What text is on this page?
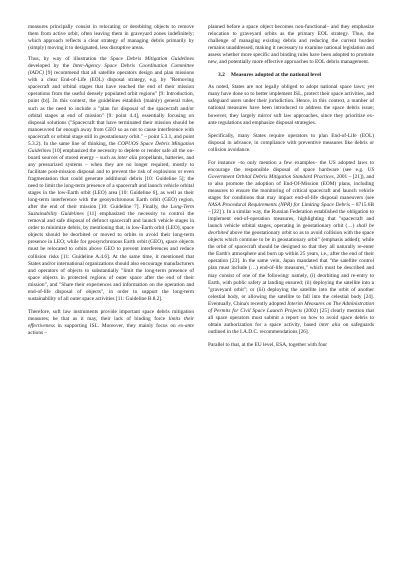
measures principally consist in relocating or deorbiting objects to remove them from active orbit, often leaving them in graveyard zones indefinitely; which approach reflects a clear strategy of managing debris primarily by (simply) moving it to designated, less disruptive areas.

Thus, by way of illustration the Space Debris Mitigation Guidelines developed by the Inter-Agency Space Debris Coordination Committee (IADC) [9] recommend that all satellite operators design and plan missions with a clear End-of-Life (EOL) disposal strategy, e.g. by "Removing spacecraft and orbital stages that have reached the end of their mission operations from the useful densely populated orbit regions" [9: Introduction, point (b)]. In this context, the guidelines establish (mainly) general rules, such as the need to include a "plan for disposal of the spacecraft and/or orbital stages at end of mission" [9: point 4.4], essentially focusing on disposal solutions ("Spacecraft that have terminated their mission should be manoeuvred far enough away from GEO so as not to cause interference with spacecraft or orbital stage still in geostationary orbit." – point 5.3.1, and point 5.3.2). In the same line of thinking, the COPUOS Space Debris Mitigation Guidelines [10] emphasized the necessity to deplete or render safe all the on-board sources of stored energy – such as inter alia propellants, batteries, and any pressurized systems – when they are no longer required, mostly to facilitate post-mission disposal and to prevent the risk of explosions or even fragmentation that could generate additional debris [10: Guideline 5]; the need to limit the long-term presence of a spacecraft and launch vehicle orbital stages in the low-Earth orbit (LEO) area [10: Guideline 6], as well as their long-term interference with the geosynchronous Earth orbit (GEO) region, after the end of their mission [10: Guideline 7]. Finally, the Long-Term Sustainability Guidelines [11] emphasized the necessity to control the removal and safe disposal of defunct spacecraft and launch vehicle stages in order to minimize debris, by mentioning that, in low-Earth orbit (LEO), space objects should be deorbited or moved to orbits to avoid their long-term presence in LEO; while for geosynchronous Earth orbit (GEO), space objects must be relocated to orbits above GEO to prevent interferences and reduce collision risks [11: Guideline A.4.6]. At the same time, it mentioned that States and/or international organizations should also encourage manufacturers and operators of objects to substantially "limit the long-term presence of space objects in protected regions of outer space after the end of their mission", and "Share their experiences and information on the operation and end-of-life disposal of objects", in order to support the long-term sustainability of all outer space activities [11: Guideline B.8.2].

Therefore, soft law instruments provide important space debris mitigation measures; be that as it may, their lack of binding force limits their effectiveness in supporting ISL. Moreover, they mainly focus on ex-ante actions –

planned before a space object becomes non-functional– and they emphasize relocation to graveyard orbits as the primary EOL strategy. Thus, the challenge of managing existing debris and reducing the current burden remains unaddressed, making it necessary to examine national legislation and assess whether more specific and binding rules have been adopted to promote new, and potentially more effective approaches to EOL debris management.

3.2 Measures adopted at the national level

As noted, States are not legally obliged to adopt national space laws; yet many have done so to better implement ISL, protect their space activities, and safeguard users under their jurisdiction. Hence, in this context, a number of national measures have been introduced to address the space debris issue; however, they largely mirror soft law approaches, since they prioritize ex-ante regulations and emphasize disposal strategies.

Specifically, many States require operators to plan End-of-Life (EOL) disposal in advance, in compliance with preventive measures like debris or collision avoidance.

For instance –to only mention a few examples– the US adopted laws to encourage the responsible disposal of space hardware (see e.g. US Government Orbital Debris Mitigation Standard Practices, 2001 – [21]), and to also promote the adoption of End-Of-Mission (EOM) plans, including measures to ensure the monitoring of critical spacecraft and launch vehicle stages for conditions that may impact end-of-life disposal maneuvers (see NASA Procedural Requirements (NPR) for Limiting Space Debris – 8715.6B – [22] ). In a similar way, the Russian Federation established the obligation to implement end-of-operation measures, highlighting that "spacecraft and launch vehicle orbital stages, operating in geostationary orbit (…) shall be deorbited above the geostationary orbit so as to avoid collision with the space objects which continue to be in geostationary orbit" (emphasis added); while the orbit of spacecraft should be designed so that they all naturally re-enter the Earth's atmosphere and burn up within 25 years, i.e., after the end of their operation [23]. In the same vein, Japan mandated that "the satellite control plan must include (…) end-of-life measures," which must be described and may consist of one of the following: namely, (i) deorbiting and re-entry to Earth, with public safety at landing ensured; (ii) deploying the satellite into a "graveyard orbit"; or (iii) deploying the satellite into the orbit of another celestial body, or allowing the satellite to fall into the celestial body [24]. Eventually, China's recently adopted Interim Measures on The Administration of Permits for Civil Space Launch Projects (2002) [25] clearly mention that all space operators must submit a report on how to avoid space debris to obtain authorization for a space activity, based inter alia on safeguards outlined in the I.A.D.C. recommendations [26].

Parallel to that, at the EU level, ESA, together with four
